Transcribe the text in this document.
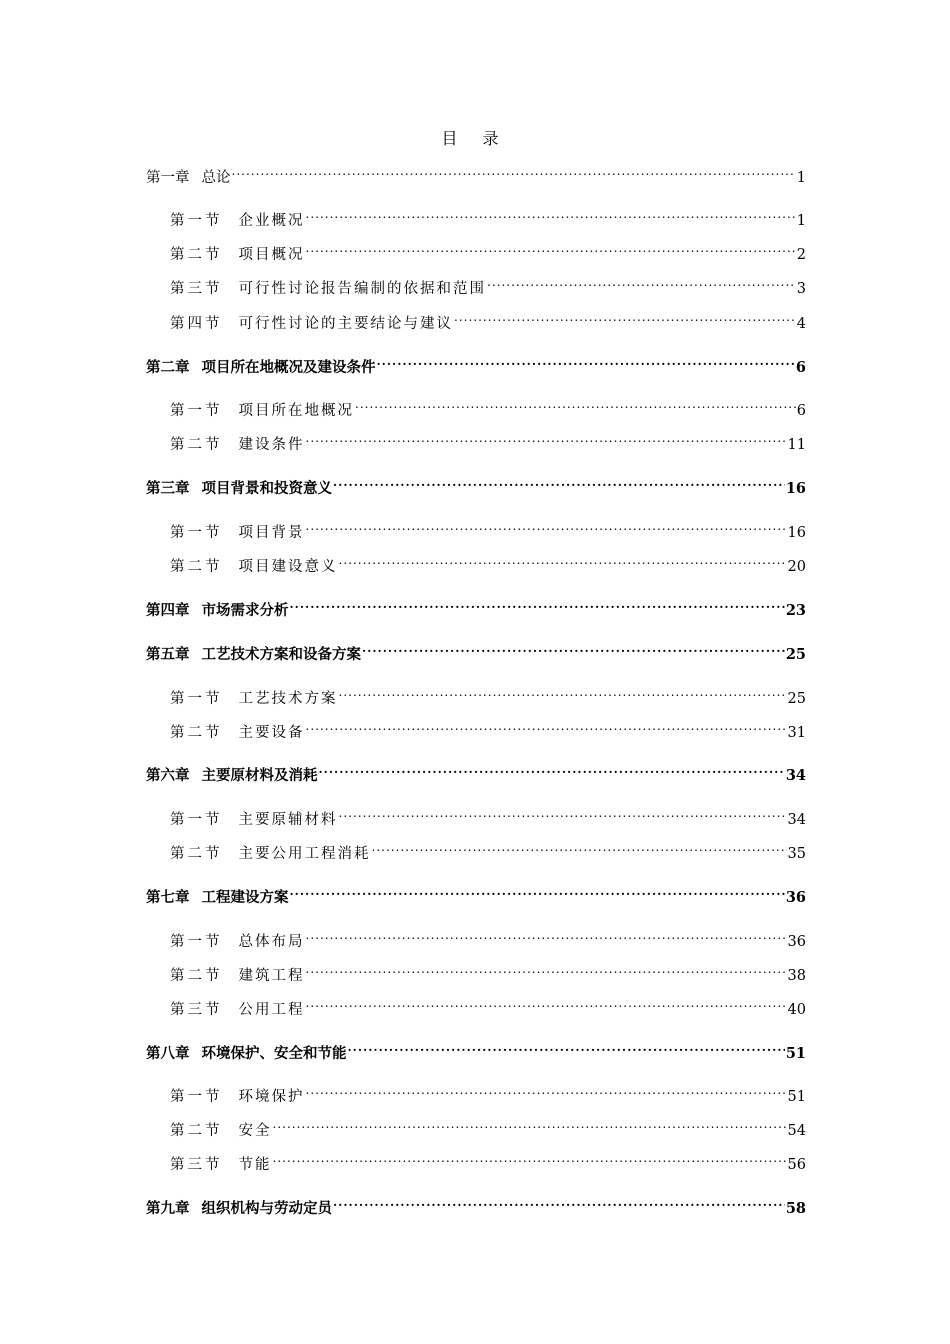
目 录
第一章 总论 .....	1
第一节 企业概况 .....	1
第二节 项目概况 .....	2
第三节 可行性讨论报告编制的依据和范围 .....	3
第四节 可行性讨论的主要结论与建议 .....	4
第二章 项目所在地概况及建设条件 .....	6
第一节 项目所在地概况 .....	6
第二节 建设条件 .....	11
第三章 项目背景和投资意义 .....	16
第一节 项目背景 .....	16
第二节 项目建设意义 .....	20
第四章 市场需求分析 .....	23
第五章 工艺技术方案和设备方案 .....	25
第一节 工艺技术方案 .....	25
第二节 主要设备 .....	31
第六章 主要原材料及消耗 .....	34
第一节 主要原辅材料 .....	34
第二节 主要公用工程消耗 .....	35
第七章 工程建设方案 .....	36
第一节 总体布局 .....	36
第二节 建筑工程 .....	38
第三节 公用工程 .....	40
第八章 环境保护、安全和节能 .....	51
第一节 环境保护 .....	51
第二节 安全 .....	54
第三节 节能 .....	56
第九章 组织机构与劳动定员 .....	58
